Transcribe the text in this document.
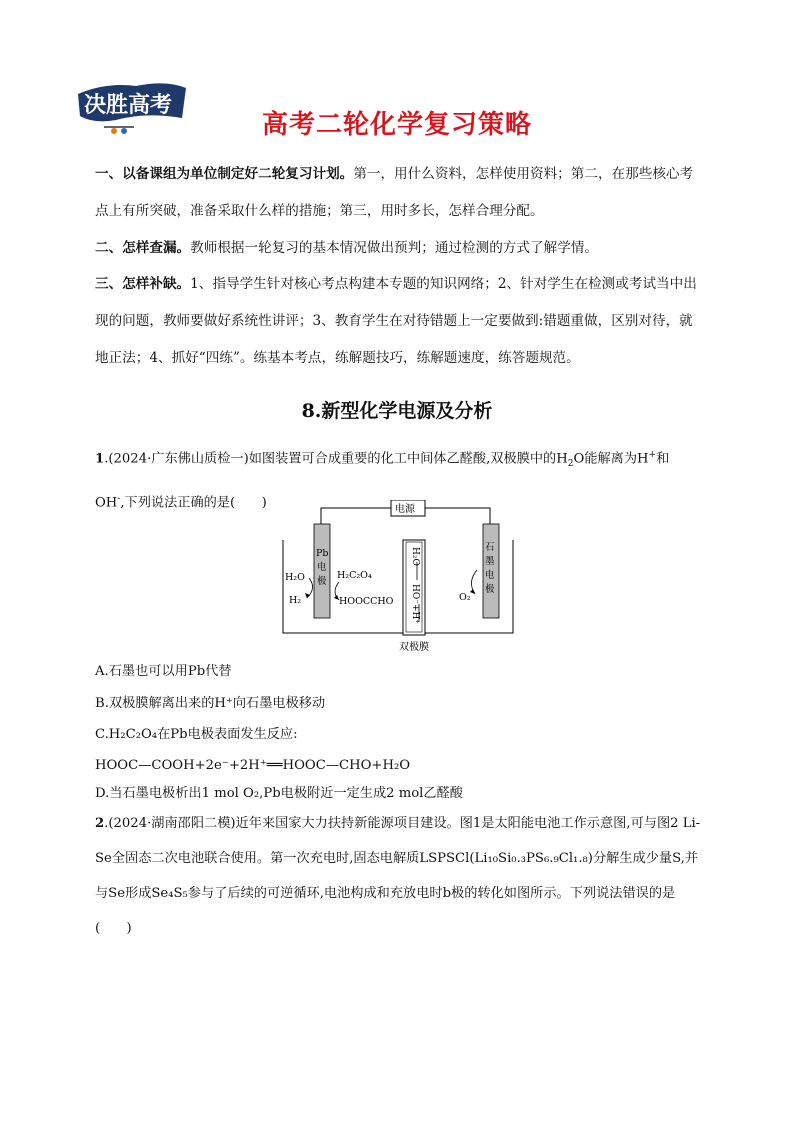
决胜高考
高考二轮化学复习策略

一、以备课组为单位制定好二轮复习计划。第一，用什么资料，怎样使用资料；第二，在那些核心考点上有所突破，准备采取什么样的措施；第三，用时多长，怎样合理分配。

二、怎样查漏。教师根据一轮复习的基本情况做出预判；通过检测的方式了解学情。

三、怎样补缺。1、指导学生针对核心考点构建本专题的知识网络；2、针对学生在检测或考试当中出现的问题，教师要做好系统性讲评；3、教育学生在对待错题上一定要做到:错题重做，区别对待，就地正法；4、抓好“四练”。练基本考点，练解题技巧，练解题速度，练答题规范。

8.新型化学电源及分析

1.(2024·广东佛山质检一)如图装置可合成重要的化工中间体乙醛酸,双极膜中的$H_2O$能解离为H+和
OH-,下列说法正确的是(　　)	电源
Pb 电极
石墨电极
H₂O
HO⁻+H⁺
双极膜
H₂O
H₂
H₂C₂O₄
HOOCCHO	O₂

A.石墨也可以用Pb代替

B.双极膜解离出来的H⁺向石墨电极移动

C.H₂C₂O₄在Pb电极表面发生反应:

HOOC—COOH+2e⁻+2H⁺══HOOC—CHO+H₂O

D.当石墨电极析出1 mol O₂,Pb电极附近一定生成2 mol乙醛酸

2.(2024·湖南邵阳二模)近年来国家大力扶持新能源项目建设。图1是太阳能电池工作示意图,可与图2 Li-Se全固态二次电池联合使用。第一次充电时,固态电解质LSPSCl(Li₁₀Si₀.₃PS₆.₉Cl₁.₈)分解生成少量S,并与Se形成Se₄S₅参与了后续的可逆循环,电池构成和充放电时b极的转化如图所示。下列说法错误的是(　　)
